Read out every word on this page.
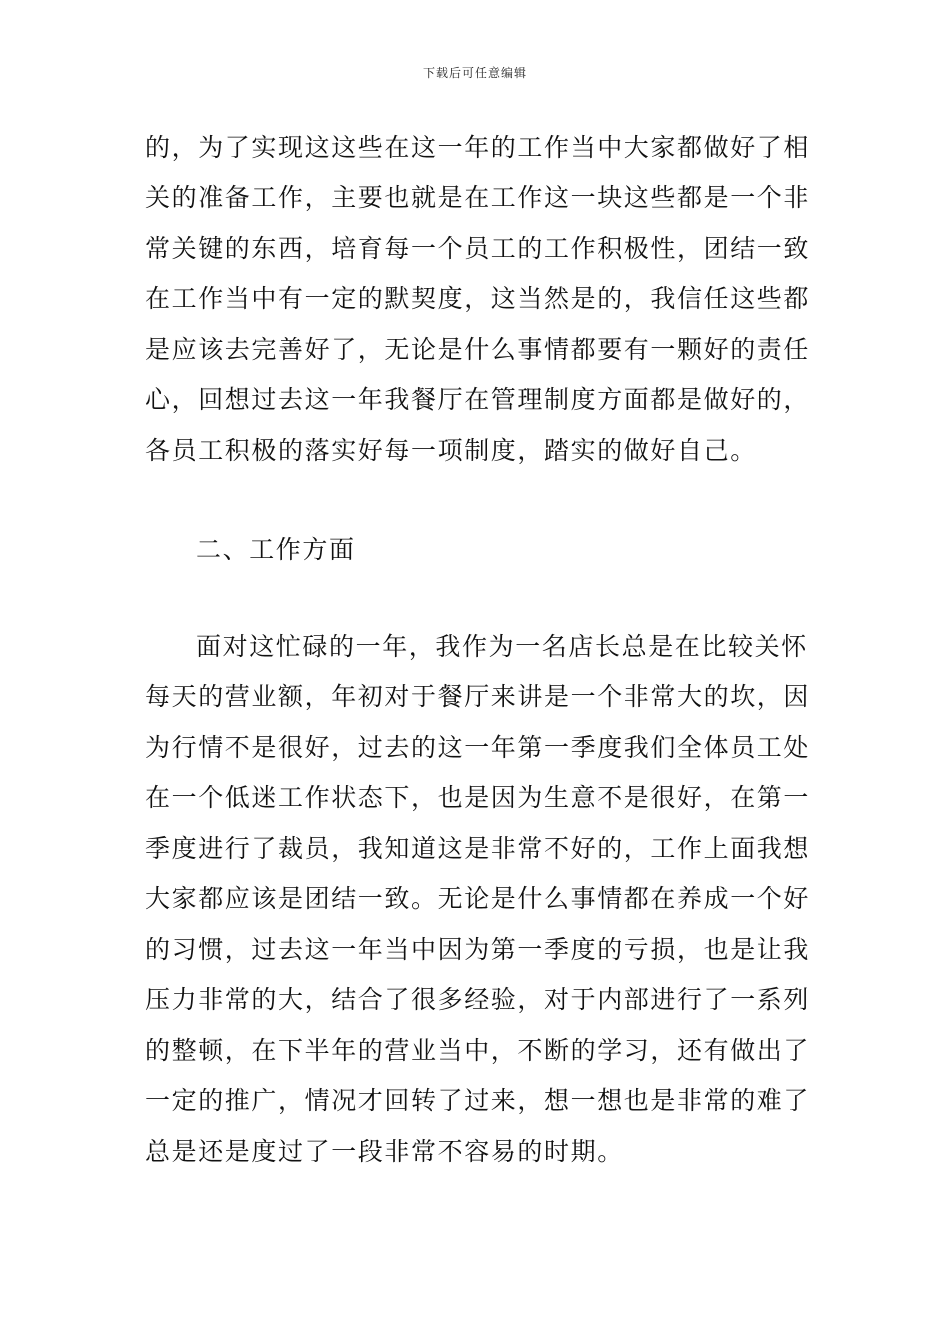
下载后可任意编辑
的，为了实现这这些在这一年的工作当中大家都做好了相
关的准备工作，主要也就是在工作这一块这些都是一个非
常关键的东西，培育每一个员工的工作积极性，团结一致
在工作当中有一定的默契度，这当然是的，我信任这些都
是应该去完善好了，无论是什么事情都要有一颗好的责任
心，回想过去这一年我餐厅在管理制度方面都是做好的，
各员工积极的落实好每一项制度，踏实的做好自己。
二、工作方面
面对这忙碌的一年，我作为一名店长总是在比较关怀
每天的营业额，年初对于餐厅来讲是一个非常大的坎，因
为行情不是很好，过去的这一年第一季度我们全体员工处
在一个低迷工作状态下，也是因为生意不是很好，在第一
季度进行了裁员，我知道这是非常不好的，工作上面我想
大家都应该是团结一致。无论是什么事情都在养成一个好
的习惯，过去这一年当中因为第一季度的亏损，也是让我
压力非常的大，结合了很多经验，对于内部进行了一系列
的整顿，在下半年的营业当中，不断的学习，还有做出了
一定的推广，情况才回转了过来，想一想也是非常的难了
总是还是度过了一段非常不容易的时期。
